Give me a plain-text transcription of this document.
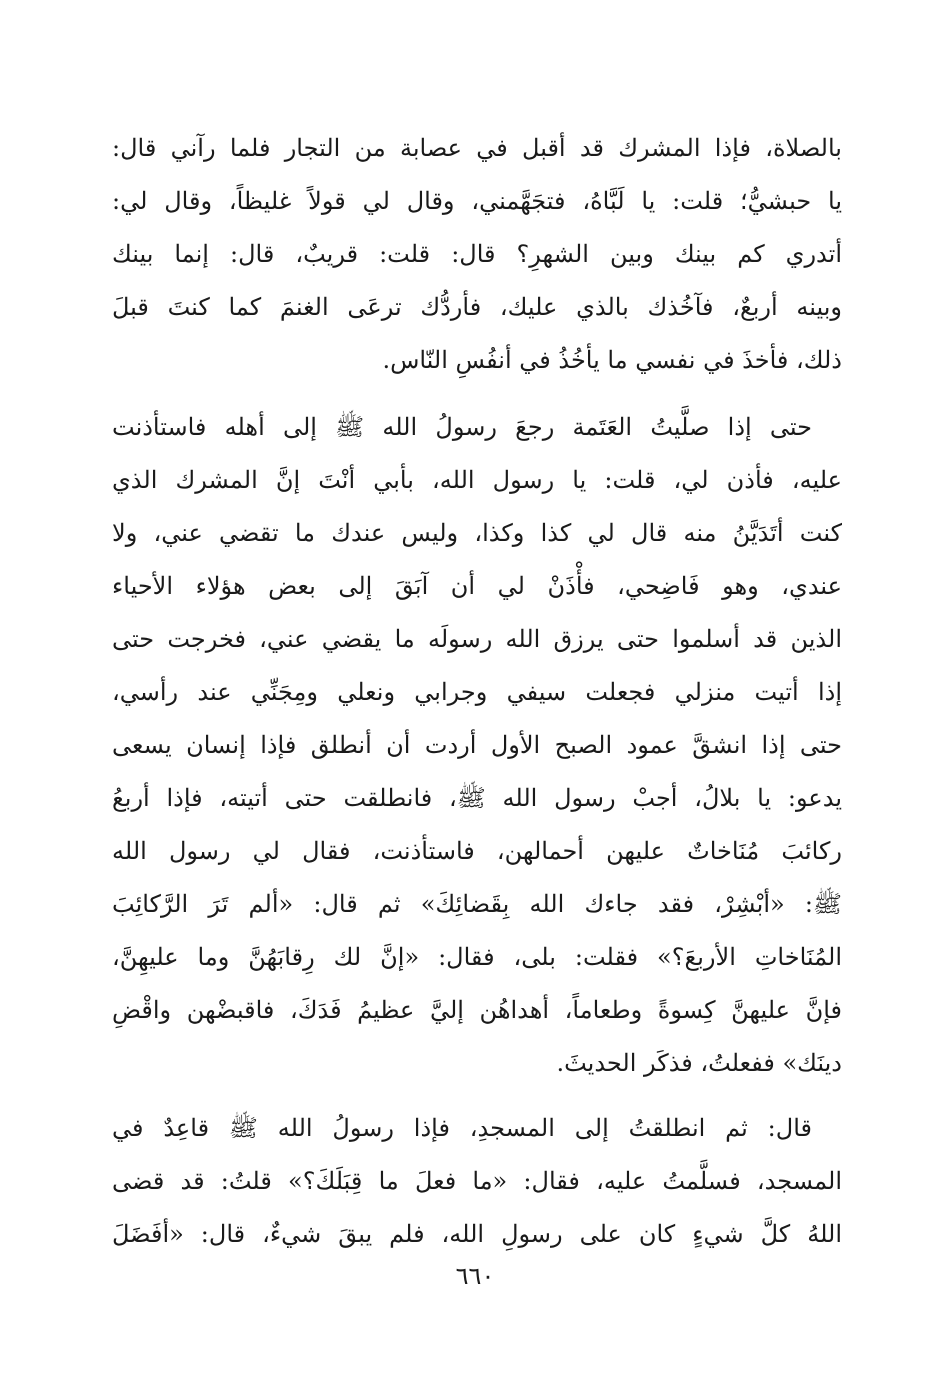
بالصلاة، فإذا المشرك قد أقبل في عصابة من التجار فلما رآني قال:
يا حبشيُّ؛ قلت: يا لَبَّاهُ، فتجَهَّمني، وقال لي قولاً غليظاً، وقال لي:
أتدري كم بينك وبين الشهرِ؟ قال: قلت: قريبٌ، قال: إنما بينك
وبينه أربعٌ، فآخُذك بالذي عليك، فأردُّك ترعَى الغنمَ كما كنتَ قبلَ
ذلك، فأخذَ في نفسي ما يأخُذُ في أنفُسِ النّاس.
حتى إذا صلَّيتُ العَتَمة رجعَ رسولُ الله ﷺ إلى أهله فاستأذنت
عليه، فأذن لي، قلت: يا رسول الله، بأبي أنْتَ إنَّ المشرك الذي
كنت أتَدَيَّنُ منه قال لي كذا وكذا، وليس عندك ما تقضي عني، ولا
عندي، وهو فَاضِحي، فأْذَنْ لي أن آبَقَ إلى بعض هؤلاء الأحياء
الذين قد أسلموا حتى يرزق الله رسولَه ما يقضي عني، فخرجت حتى
إذا أتيت منزلي فجعلت سيفي وجرابي ونعلي ومِجَنِّي عند رأسي،
حتى إذا انشقَّ عمود الصبح الأول أردت أن أنطلق فإذا إنسان يسعى
يدعو: يا بلالُ، أجبْ رسول الله ﷺ، فانطلقت حتى أتيته، فإذا أربعُ
ركائبَ مُنَاخاتٌ عليهن أحمالهن، فاستأذنت، فقال لي رسول الله
ﷺ: «أبْشِرْ، فقد جاءك الله بِقَضائِكَ» ثم قال: «ألم تَرَ الرَّكائِبَ
المُنَاخاتِ الأربعَ؟» فقلت: بلى، فقال: «إنَّ لك رِقابَهُنَّ وما عليهِنَّ،
فإنَّ عليهنَّ كِسوةً وطعاماً، أهداهُن إليَّ عظيمُ فَدَكَ، فاقبضْهن واقْضِ
دينَك» ففعلتُ، فذكَر الحديثَ.
قال: ثم انطلقتُ إلى المسجدِ، فإذا رسولُ الله ﷺ قاعِدٌ في
المسجد، فسلَّمتُ عليه، فقال: «ما فعلَ ما قِبَلَكَ؟» قلتُ: قد قضى
اللهُ كلَّ شيءٍ كان على رسولِ الله، فلم يبقَ شيءٌ، قال: «أفَضَلَ
٦٦٠
